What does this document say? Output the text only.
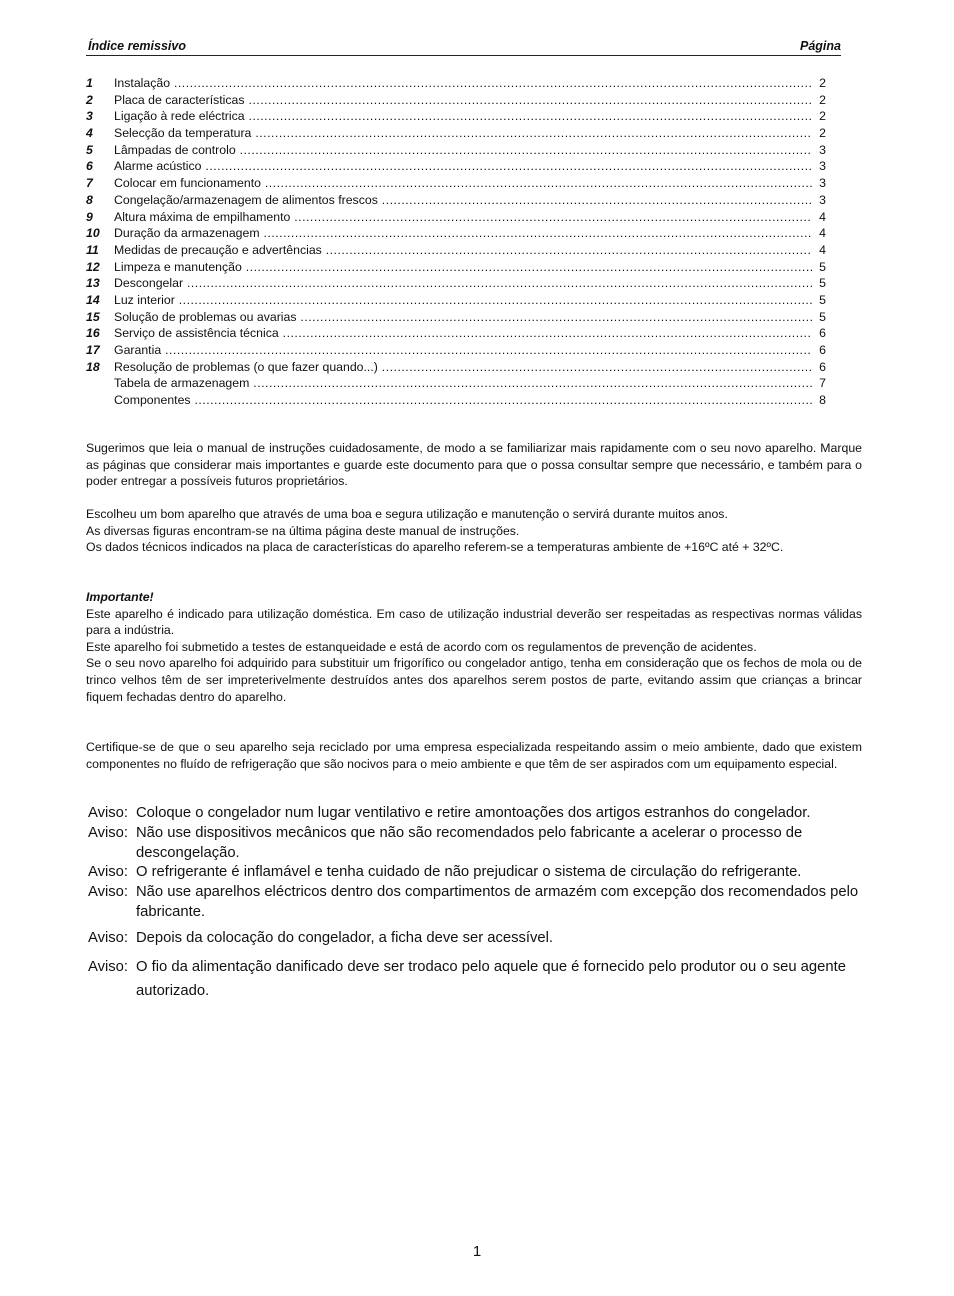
Índice remissivo	Página
1	Instalação .....	2
2	Placa de características .....	2
3	Ligação à rede eléctrica .....	2
4	Selecção da temperatura .....	2
5	Lâmpadas de controlo .....	3
6	Alarme acústico .....	3
7	Colocar em funcionamento .....	3
8	Congelação/armazenagem de alimentos frescos .....	3
9	Altura máxima de empilhamento .....	4
10	Duração da armazenagem .....	4
11	Medidas de precaução e advertências .....	4
12	Limpeza e manutenção .....	5
13	Descongelar .....	5
14	Luz interior .....	5
15	Solução de problemas ou avarias .....	5
16	Serviço de assistência técnica .....	6
17	Garantia .....	6
18	Resolução de problemas (o que fazer quando...) .....	6
Tabela de armazenagem .....	7
Componentes .....	8

Sugerimos que leia o manual de instruções cuidadosamente, de modo a se familiarizar mais rapidamente com o seu novo aparelho. Marque as páginas que considerar mais importantes e guarde este documento para que o possa consultar sempre que necessário, e também para o poder entregar a possíveis futuros proprietários.

Escolheu um bom aparelho que através de uma boa e segura utilização e manutenção o servirá durante muitos anos.

As diversas figuras encontram-se na última página deste manual de instruções.

Os dados técnicos indicados na placa de características do aparelho referem-se a temperaturas ambiente de +16ºC até + 32ºC.

Importante!

Este aparelho é indicado para utilização doméstica. Em caso de utilização industrial deverão ser respeitadas as respectivas normas válidas para a indústria.

Este aparelho foi submetido a testes de estanqueidade e está de acordo com os regulamentos de prevenção de acidentes.

Se o seu novo aparelho foi adquirido para substituir um frigorífico ou congelador antigo, tenha em consideração que os fechos de mola ou de trinco velhos têm de ser impreterivelmente destruídos antes dos aparelhos serem postos de parte, evitando assim que crianças a brincar fiquem fechadas dentro do aparelho.

Certifique-se de que o seu aparelho seja reciclado por uma empresa especializada respeitando assim o meio ambiente, dado que existem componentes no fluído de refrigeração que são nocivos para o meio ambiente e que têm de ser aspirados com um equipamento especial.

Aviso: Coloque o congelador num lugar ventilativo e retire amontoações dos artigos estranhos do congelador.
Aviso: Não use dispositivos mecânicos que não são recomendados pelo fabricante a acelerar o processo de descongelação.
Aviso: O refrigerante é inflamável e tenha cuidado de não prejudicar o sistema de circulação do refrigerante.
Aviso: Não use aparelhos eléctricos dentro dos compartimentos de armazém com excepção dos recomendados pelo fabricante.
Aviso: Depois da colocação do congelador, a ficha deve ser acessível.
Aviso: O fio da alimentação danificado deve ser trodaco pelo aquele que é fornecido pelo produtor ou o seu agente autorizado.
1
